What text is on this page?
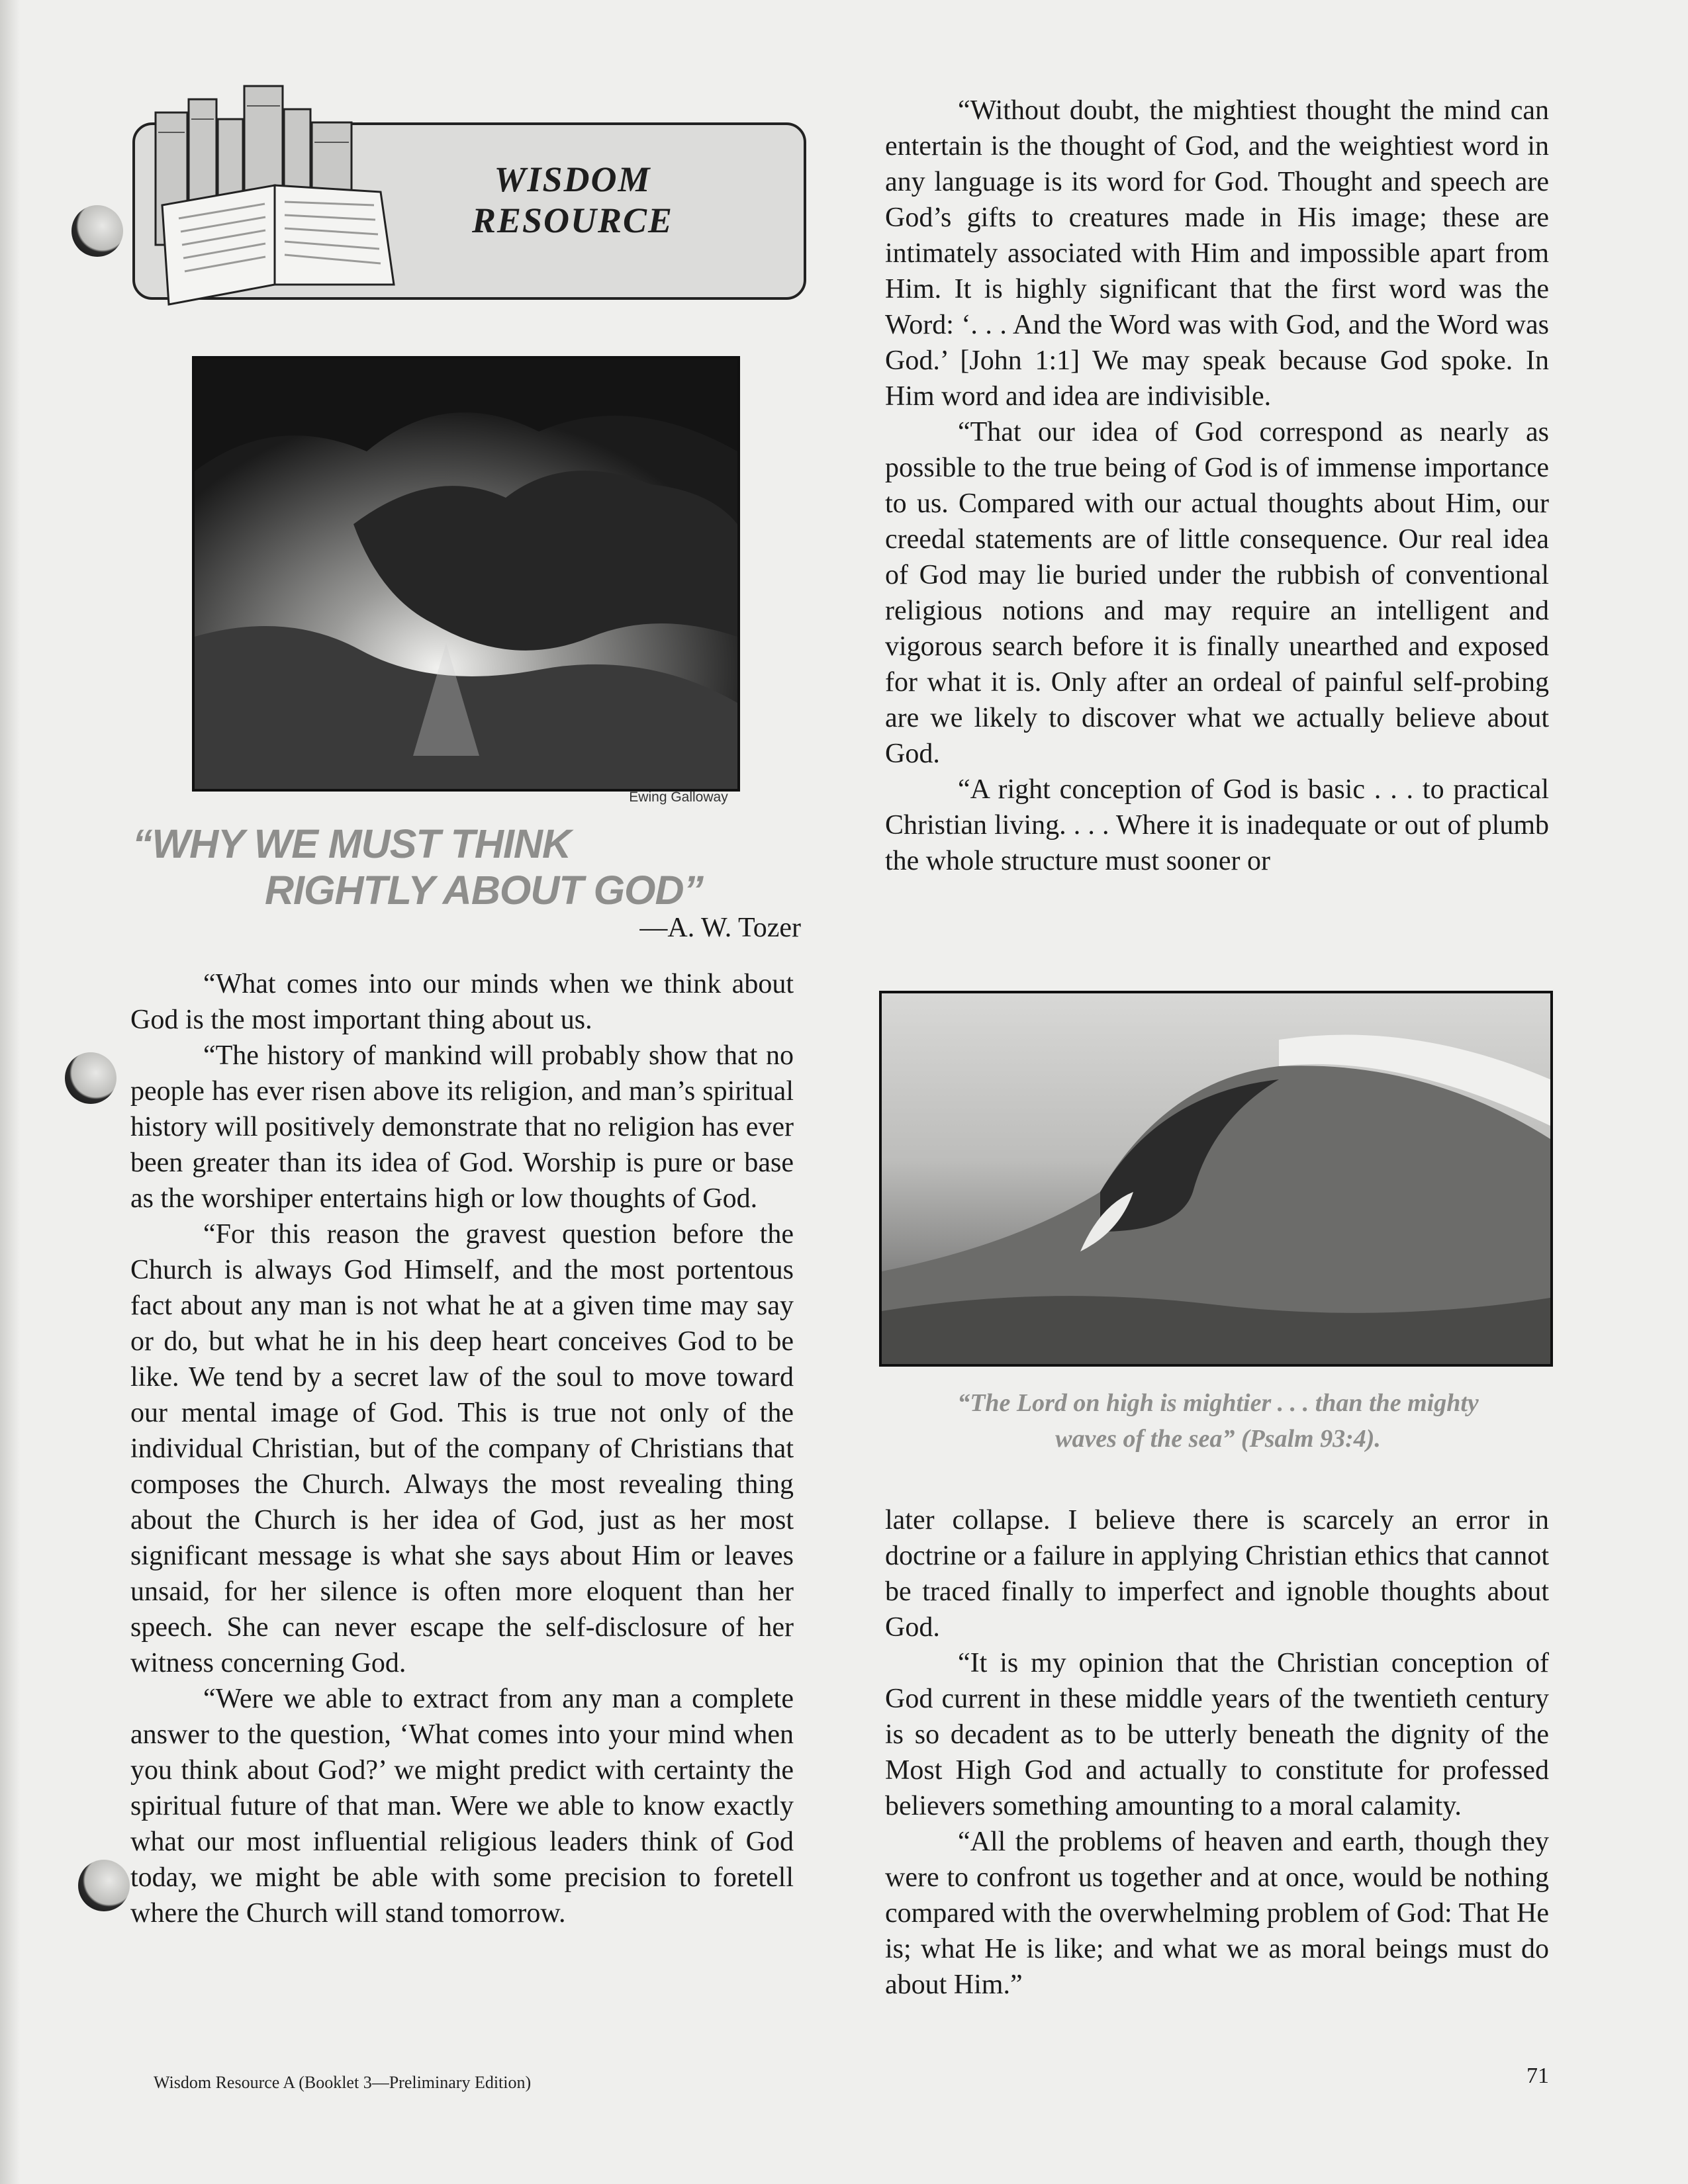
WISDOM RESOURCE
Ewing Galloway
“WHY WE MUST THINK
RIGHTLY ABOUT GOD”
—A. W. Tozer

“What comes into our minds when we think about God is the most important thing about us.

“The history of mankind will probably show that no people has ever risen above its religion, and man’s spiritual history will positively demonstrate that no religion has ever been greater than its idea of God. Worship is pure or base as the worshiper entertains high or low thoughts of God.

“For this reason the gravest question before the Church is always God Himself, and the most portentous fact about any man is not what he at a given time may say or do, but what he in his deep heart conceives God to be like. We tend by a secret law of the soul to move toward our mental image of God. This is true not only of the individual Christian, but of the company of Christians that composes the Church. Always the most revealing thing about the Church is her idea of God, just as her most significant message is what she says about Him or leaves unsaid, for her silence is often more eloquent than her speech. She can never escape the self-disclosure of her witness concerning God.

“Were we able to extract from any man a complete answer to the question, ‘What comes into your mind when you think about God?’ we might predict with certainty the spiritual future of that man. Were we able to know exactly what our most influential religious leaders think of God today, we might be able with some precision to foretell where the Church will stand tomorrow.

“Without doubt, the mightiest thought the mind can entertain is the thought of God, and the weightiest word in any language is its word for God. Thought and speech are God’s gifts to creatures made in His image; these are intimately associated with Him and impossible apart from Him. It is highly significant that the first word was the Word: ‘. . . And the Word was with God, and the Word was God.’ [John 1:1] We may speak because God spoke. In Him word and idea are indivisible.

“That our idea of God correspond as nearly as possible to the true being of God is of immense importance to us. Compared with our actual thoughts about Him, our creedal statements are of little consequence. Our real idea of God may lie buried under the rubbish of conventional religious notions and may require an intelligent and vigorous search before it is finally unearthed and exposed for what it is. Only after an ordeal of painful self-probing are we likely to discover what we actually believe about God.

“A right conception of God is basic . . . to practical Christian living. . . . Where it is inadequate or out of plumb the whole structure must sooner or

“The Lord on high is mightier . . . than the mighty waves of the sea” (Psalm 93:4).

later collapse. I believe there is scarcely an error in doctrine or a failure in applying Christian ethics that cannot be traced finally to imperfect and ignoble thoughts about God.

“It is my opinion that the Christian conception of God current in these middle years of the twentieth century is so decadent as to be utterly beneath the dignity of the Most High God and actually to constitute for professed believers something amounting to a moral calamity.

“All the problems of heaven and earth, though they were to confront us together and at once, would be nothing compared with the overwhelming problem of God: That He is; what He is like; and what we as moral beings must do about Him.”

Wisdom Resource A (Booklet 3—Preliminary Edition)	71
